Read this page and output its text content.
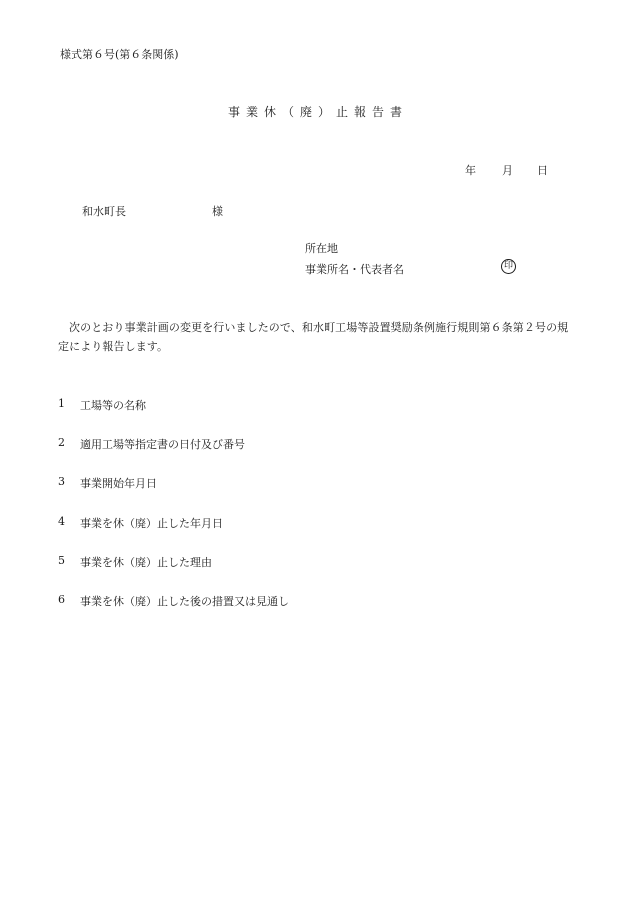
様式第６号(第６条関係)
事業休（廃）止報告書
年	月	日
和水町長	様
所在地
事業所名・代表者名	印
次のとおり事業計画の変更を行いましたので、和水町工場等設置奨励条例施行規則第６条第２号の規定により報告します。
1	工場等の名称
2	適用工場等指定書の日付及び番号
3	事業開始年月日
4	事業を休（廃）止した年月日
5	事業を休（廃）止した理由
6	事業を休（廃）止した後の措置又は見通し
